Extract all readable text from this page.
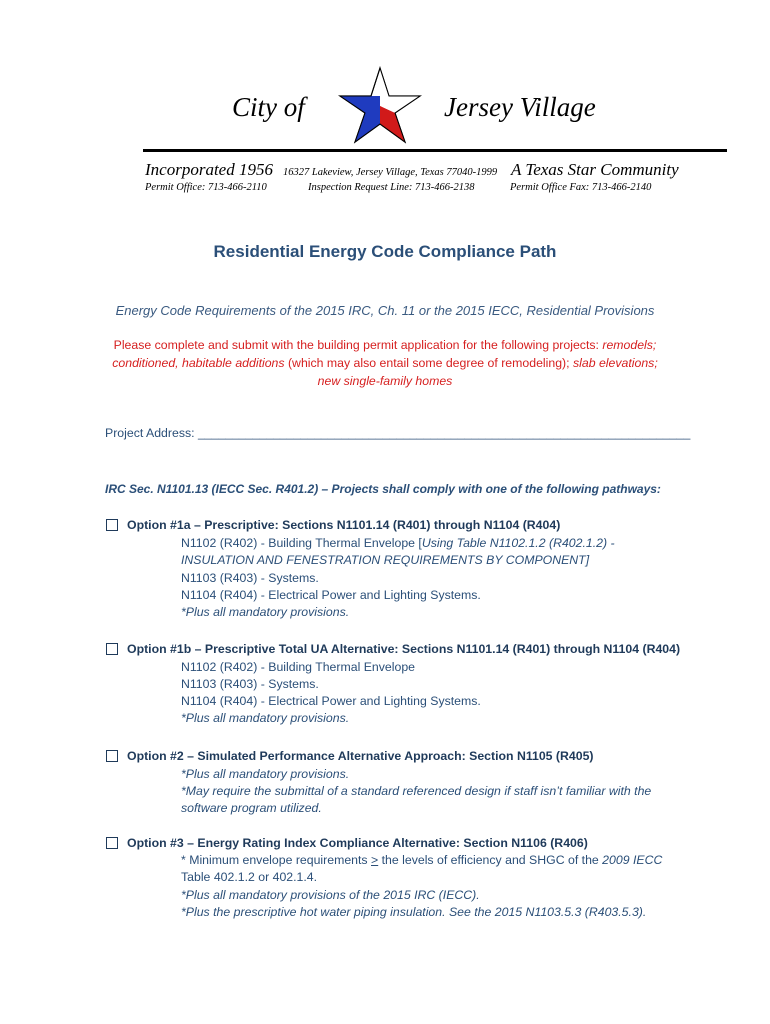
City of	Jersey Village
Incorporated 1956 16327 Lakeview, Jersey Village, Texas 77040-1999 A Texas Star Community
Permit Office: 713-466-2110	Inspection Request Line: 713-466-2138	Permit Office Fax: 713-466-2140
Residential Energy Code Compliance Path
Energy Code Requirements of the 2015 IRC, Ch. 11 or the 2015 IECC, Residential Provisions
Please complete and submit with the building permit application for the following projects: remodels;
conditioned, habitable additions (which may also entail some degree of remodeling); slab elevations;
new single-family homes
Project Address: ________________________________________________________________________
IRC Sec. N1101.13 (IECC Sec. R401.2) – Projects shall comply with one of the following pathways:
Option #1a – Prescriptive: Sections N1101.14 (R401) through N1104 (R404)
N1102 (R402) - Building Thermal Envelope [Using Table N1102.1.2 (R402.1.2) -
INSULATION AND FENESTRATION REQUIREMENTS BY COMPONENT]
N1103 (R403) - Systems.
N1104 (R404) - Electrical Power and Lighting Systems.
*Plus all mandatory provisions.
Option #1b – Prescriptive Total UA Alternative: Sections N1101.14 (R401) through N1104 (R404)
N1102 (R402) - Building Thermal Envelope
N1103 (R403) - Systems.
N1104 (R404) - Electrical Power and Lighting Systems.
*Plus all mandatory provisions.
Option #2 – Simulated Performance Alternative Approach: Section N1105 (R405)
*Plus all mandatory provisions.
*May require the submittal of a standard referenced design if staff isn’t familiar with the
software program utilized.
Option #3 – Energy Rating Index Compliance Alternative: Section N1106 (R406)
* Minimum envelope requirements > the levels of efficiency and SHGC of the 2009 IECC
Table 402.1.2 or 402.1.4.
*Plus all mandatory provisions of the 2015 IRC (IECC).
*Plus the prescriptive hot water piping insulation. See the 2015 N1103.5.3 (R403.5.3).
